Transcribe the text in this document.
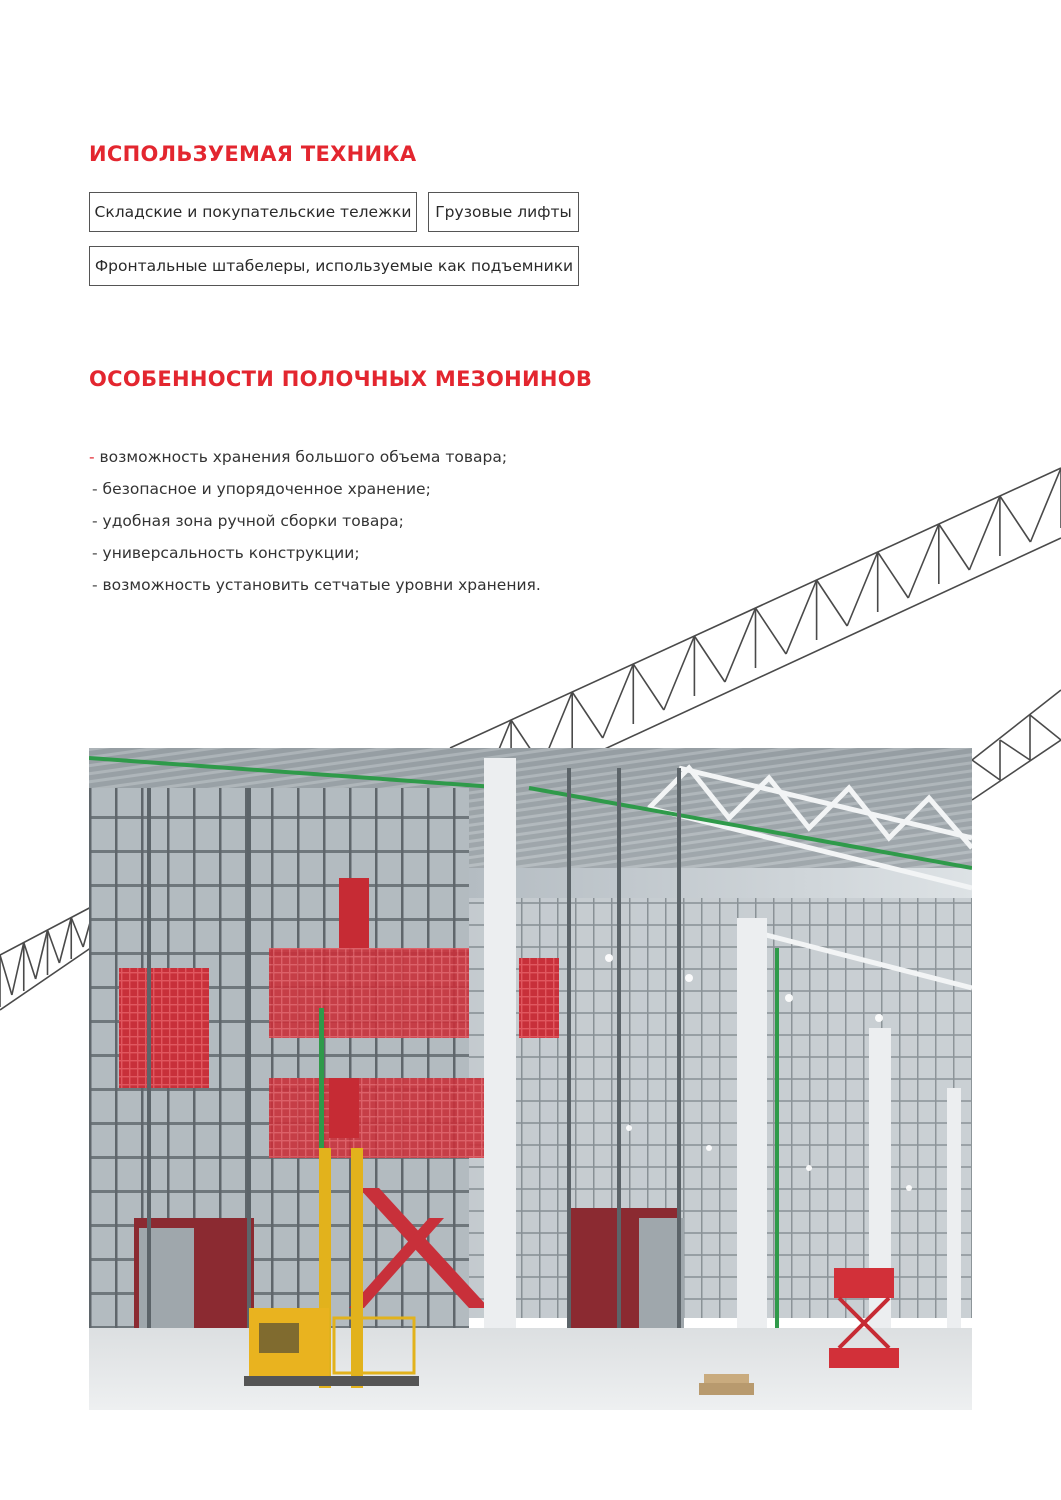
ИСПОЛЬЗУЕМАЯ ТЕХНИКА
Складские и покупательские тележки	Грузовые лифты
Фронтальные штабелеры, используемые как подъемники
ОСОБЕННОСТИ ПОЛОЧНЫХ МЕЗОНИНОВ
- возможность хранения большого объема товара;
- безопасное и упорядоченное хранение;
- удобная зона ручной сборки товара;
- универсальность конструкции;
- возможность установить сетчатые уровни хранения.
